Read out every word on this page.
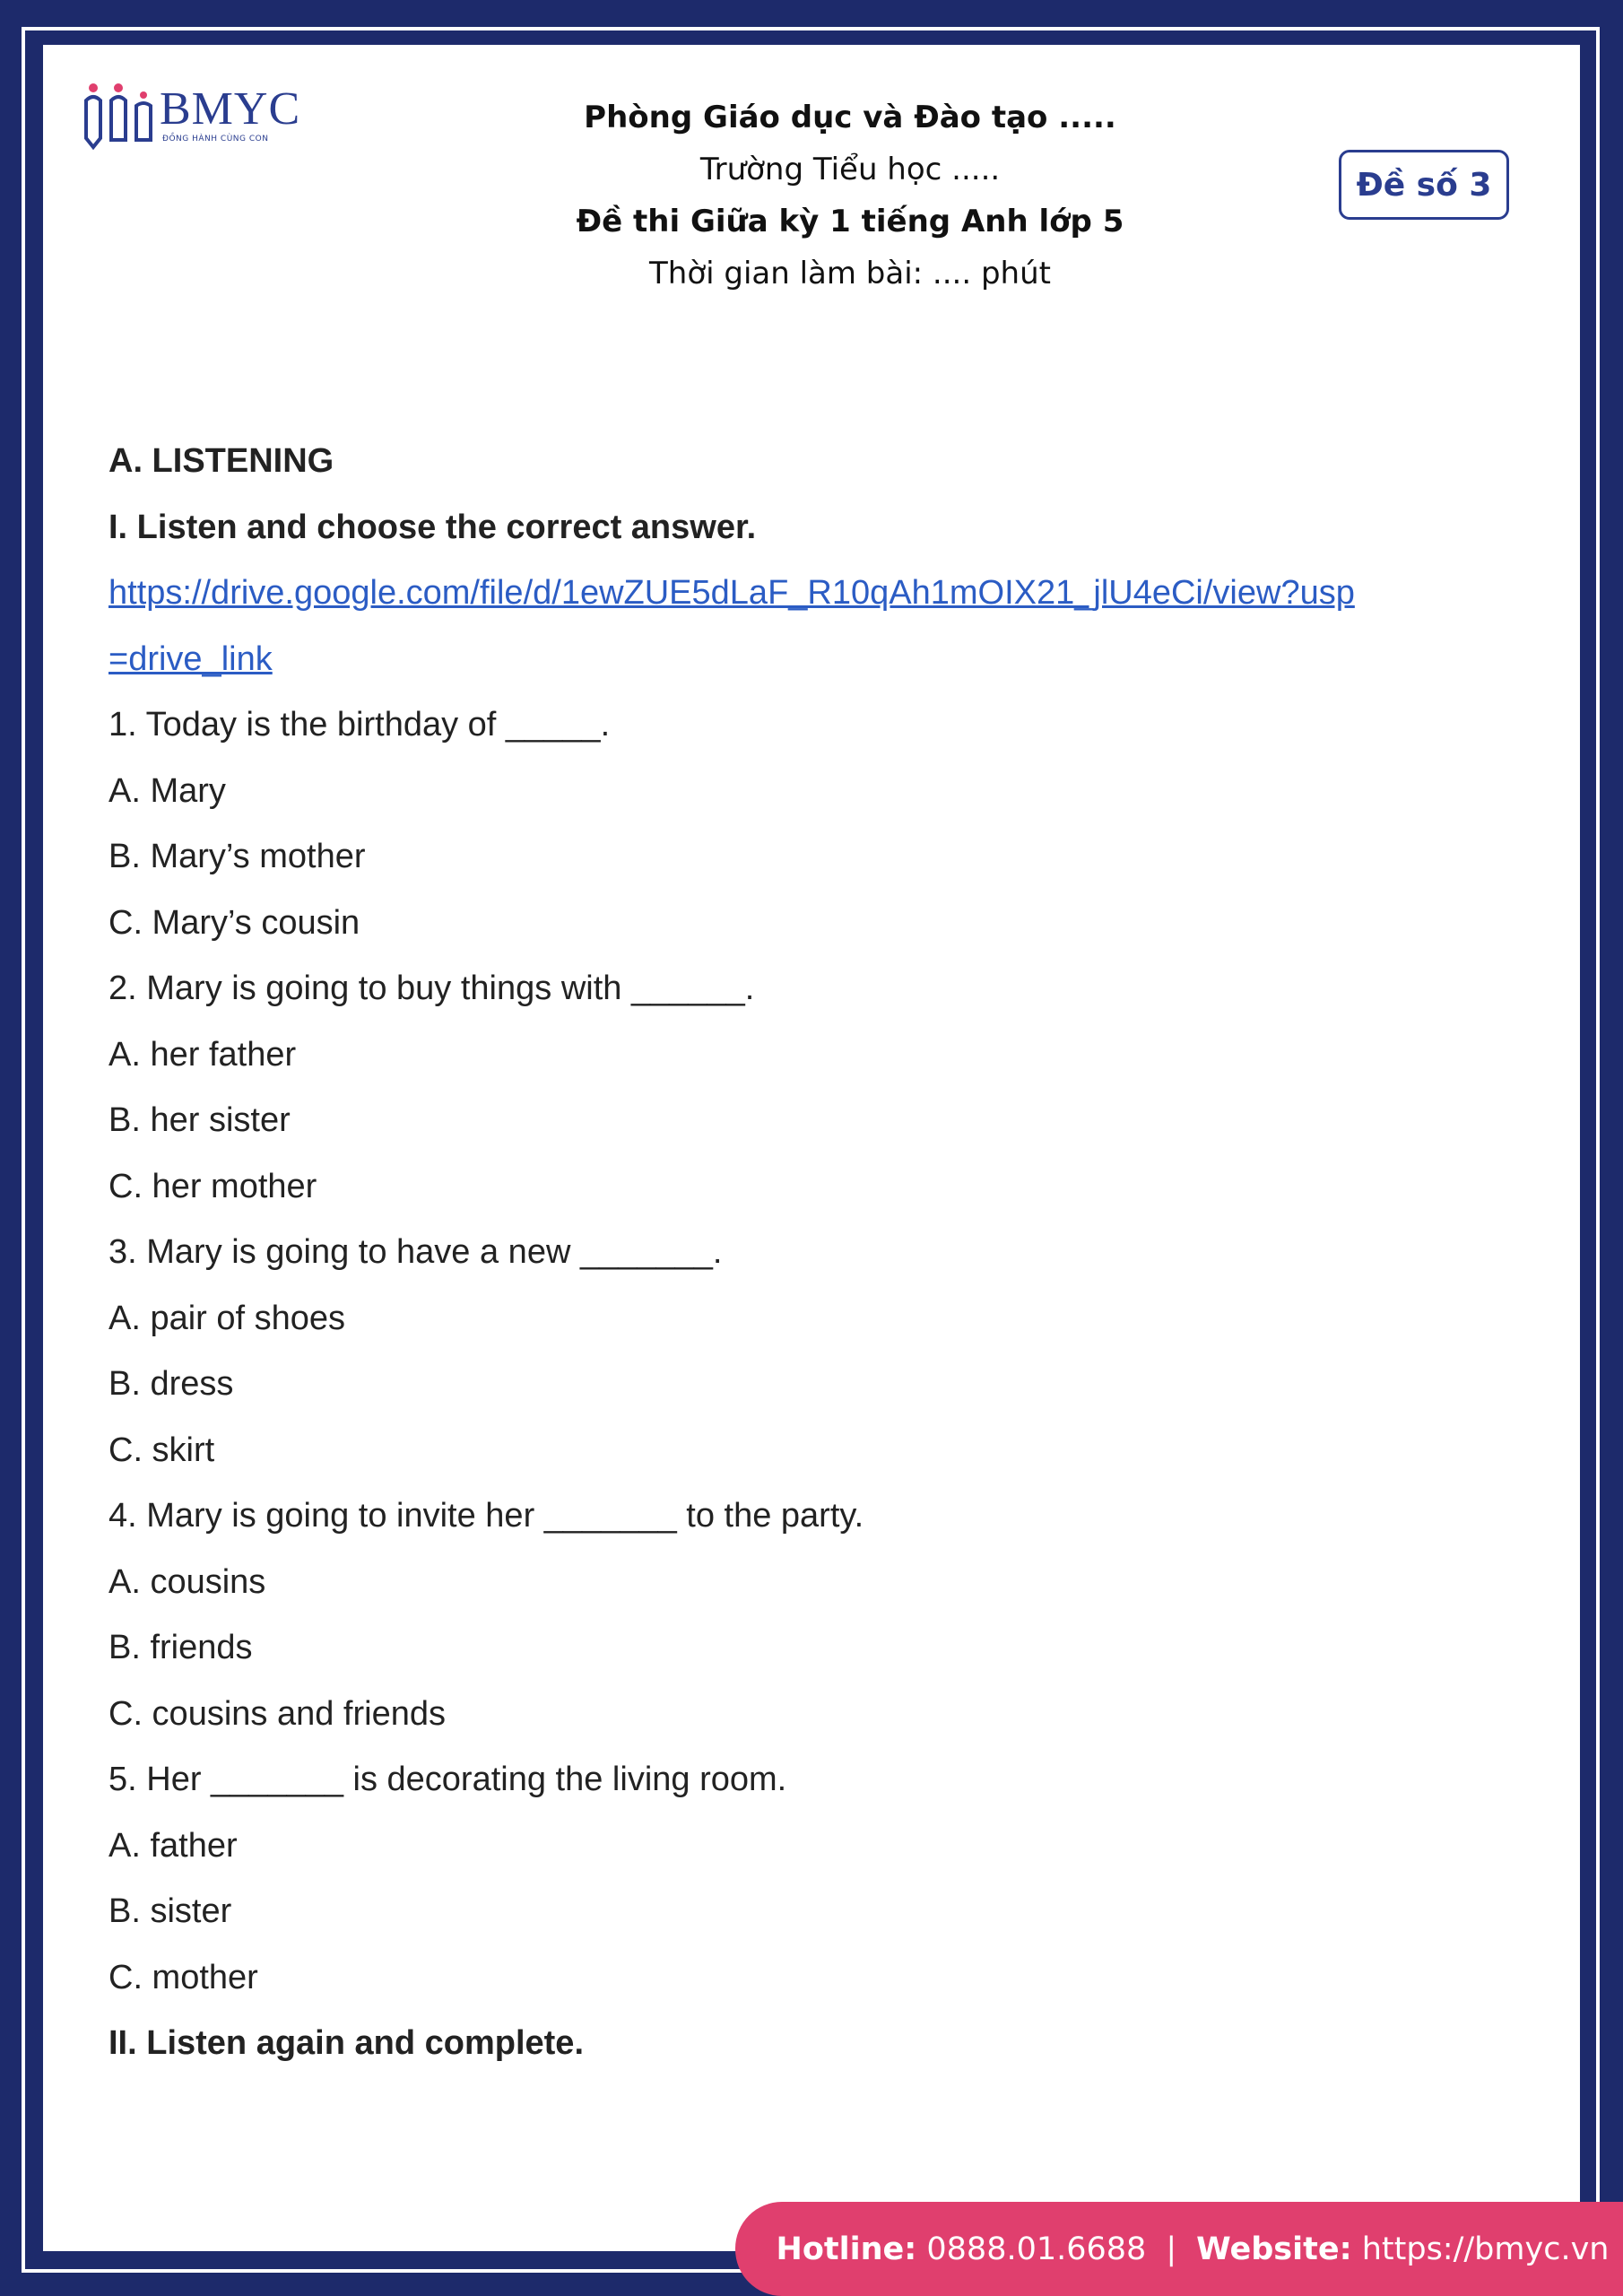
BMYC
ĐỒNG HÀNH CÙNG CON
Phòng Giáo dục và Đào tạo .....
Trường Tiểu học .....
Đề thi Giữa kỳ 1 tiếng Anh lớp 5
Thời gian làm bài: .... phút
Đề số 3
A. LISTENING
I. Listen and choose the correct answer.
https://drive.google.com/file/d/1ewZUE5dLaF_R10qAh1mOIX21_jlU4eCi/view?usp
=drive_link
1. Today is the birthday of _____.
A. Mary
B. Mary’s mother
C. Mary’s cousin
2. Mary is going to buy things with ______.
A. her father
B. her sister
C. her mother
3. Mary is going to have a new _______.
A. pair of shoes
B. dress
C. skirt
4. Mary is going to invite her _______ to the party.
A. cousins
B. friends
C. cousins and friends
5. Her _______ is decorating the living room.
A. father
B. sister
C. mother
II. Listen again and complete.
Hotline:
0888.01.6688 | Website:
https://bmyc.vn
